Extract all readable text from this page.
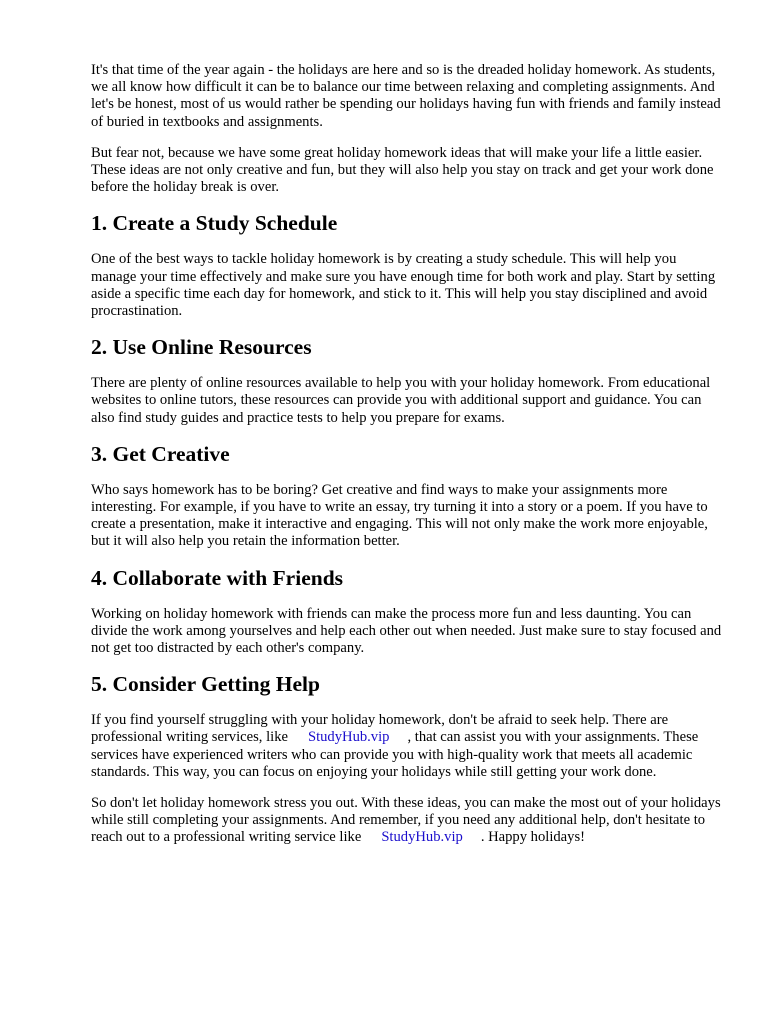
It's that time of the year again - the holidays are here and so is the dreaded holiday homework. As students, we all know how difficult it can be to balance our time between relaxing and completing assignments. And let's be honest, most of us would rather be spending our holidays having fun with friends and family instead of buried in textbooks and assignments.

But fear not, because we have some great holiday homework ideas that will make your life a little easier. These ideas are not only creative and fun, but they will also help you stay on track and get your work done before the holiday break is over.

1. Create a Study Schedule

One of the best ways to tackle holiday homework is by creating a study schedule. This will help you manage your time effectively and make sure you have enough time for both work and play. Start by setting aside a specific time each day for homework, and stick to it. This will help you stay disciplined and avoid procrastination.

2. Use Online Resources

There are plenty of online resources available to help you with your holiday homework. From educational websites to online tutors, these resources can provide you with additional support and guidance. You can also find study guides and practice tests to help you prepare for exams.

3. Get Creative

Who says homework has to be boring? Get creative and find ways to make your assignments more interesting. For example, if you have to write an essay, try turning it into a story or a poem. If you have to create a presentation, make it interactive and engaging. This will not only make the work more enjoyable, but it will also help you retain the information better.

4. Collaborate with Friends

Working on holiday homework with friends can make the process more fun and less daunting. You can divide the work among yourselves and help each other out when needed. Just make sure to stay focused and not get too distracted by each other's company.

5. Consider Getting Help

If you find yourself struggling with your holiday homework, don't be afraid to seek help. There are professional writing services, like StudyHub.vip , that can assist you with your assignments. These services have experienced writers who can provide you with high-quality work that meets all academic standards. This way, you can focus on enjoying your holidays while still getting your work done.

So don't let holiday homework stress you out. With these ideas, you can make the most out of your holidays while still completing your assignments. And remember, if you need any additional help, don't hesitate to reach out to a professional writing service like StudyHub.vip . Happy holidays!
